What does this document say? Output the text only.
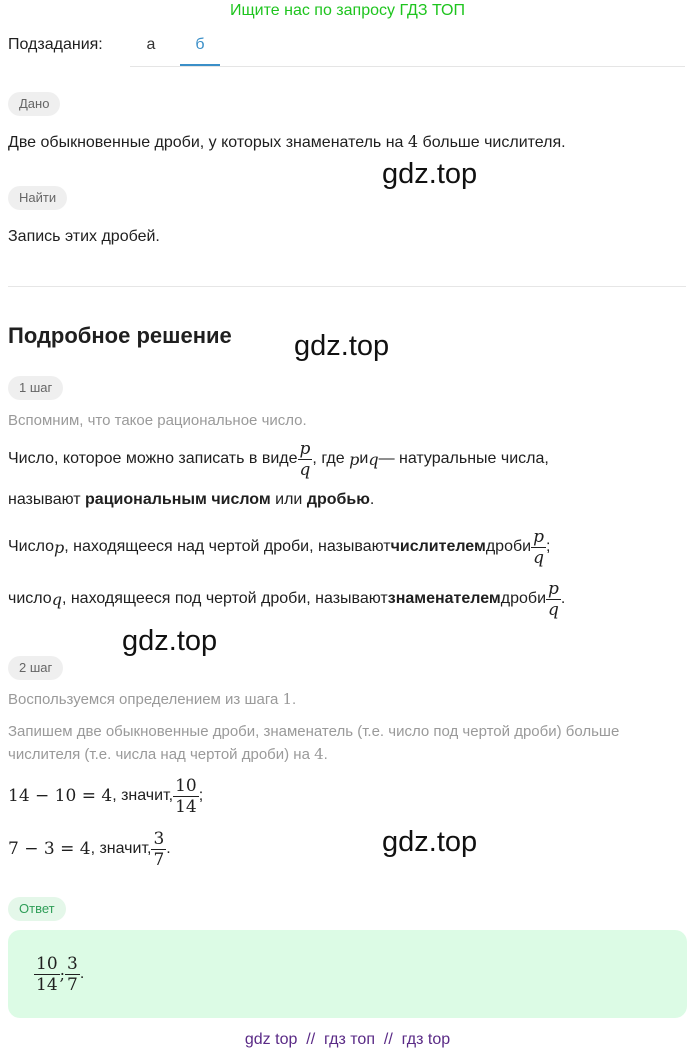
Ищите нас по запросу ГДЗ ТОП
Подзадания:	а	б
Дано
Две обыкновенные дроби, у которых знаменатель на 4 больше числителя.
gdz.top
Найти
Запись этих дробей.
Подробное решение gdz.top
1 шаг
Вспомним, что такое рациональное число.
Число, которое можно записать в виде $\frac{p}{q}$ , где
p и q — натуральные числа,
называют рациональным числом или дробью.
Число p , находящееся над чертой дроби, называют числителем дроби $\frac{p}{q}$ ;
число q , находящееся под чертой дроби, называют знаменателем дроби $\frac{p}{q}$ .
gdz.top
2 шаг
Воспользуемся определением из шага 1.
Запишем две обыкновенные дроби, знаменатель (т.е. число под чертой дроби) больше
числителя (т.е. числа над чертой дроби) на 4.
14 − 10 = 4 , значит, $\frac{10}{14}$ ;
gdz.top
7 − 3 = 4 , значит, $\frac{3}{7}$ .
Ответ
$\frac{10}{14}$ ; $\frac{3}{7}$ .
gdz top  //  гдз топ  //  гдз top
